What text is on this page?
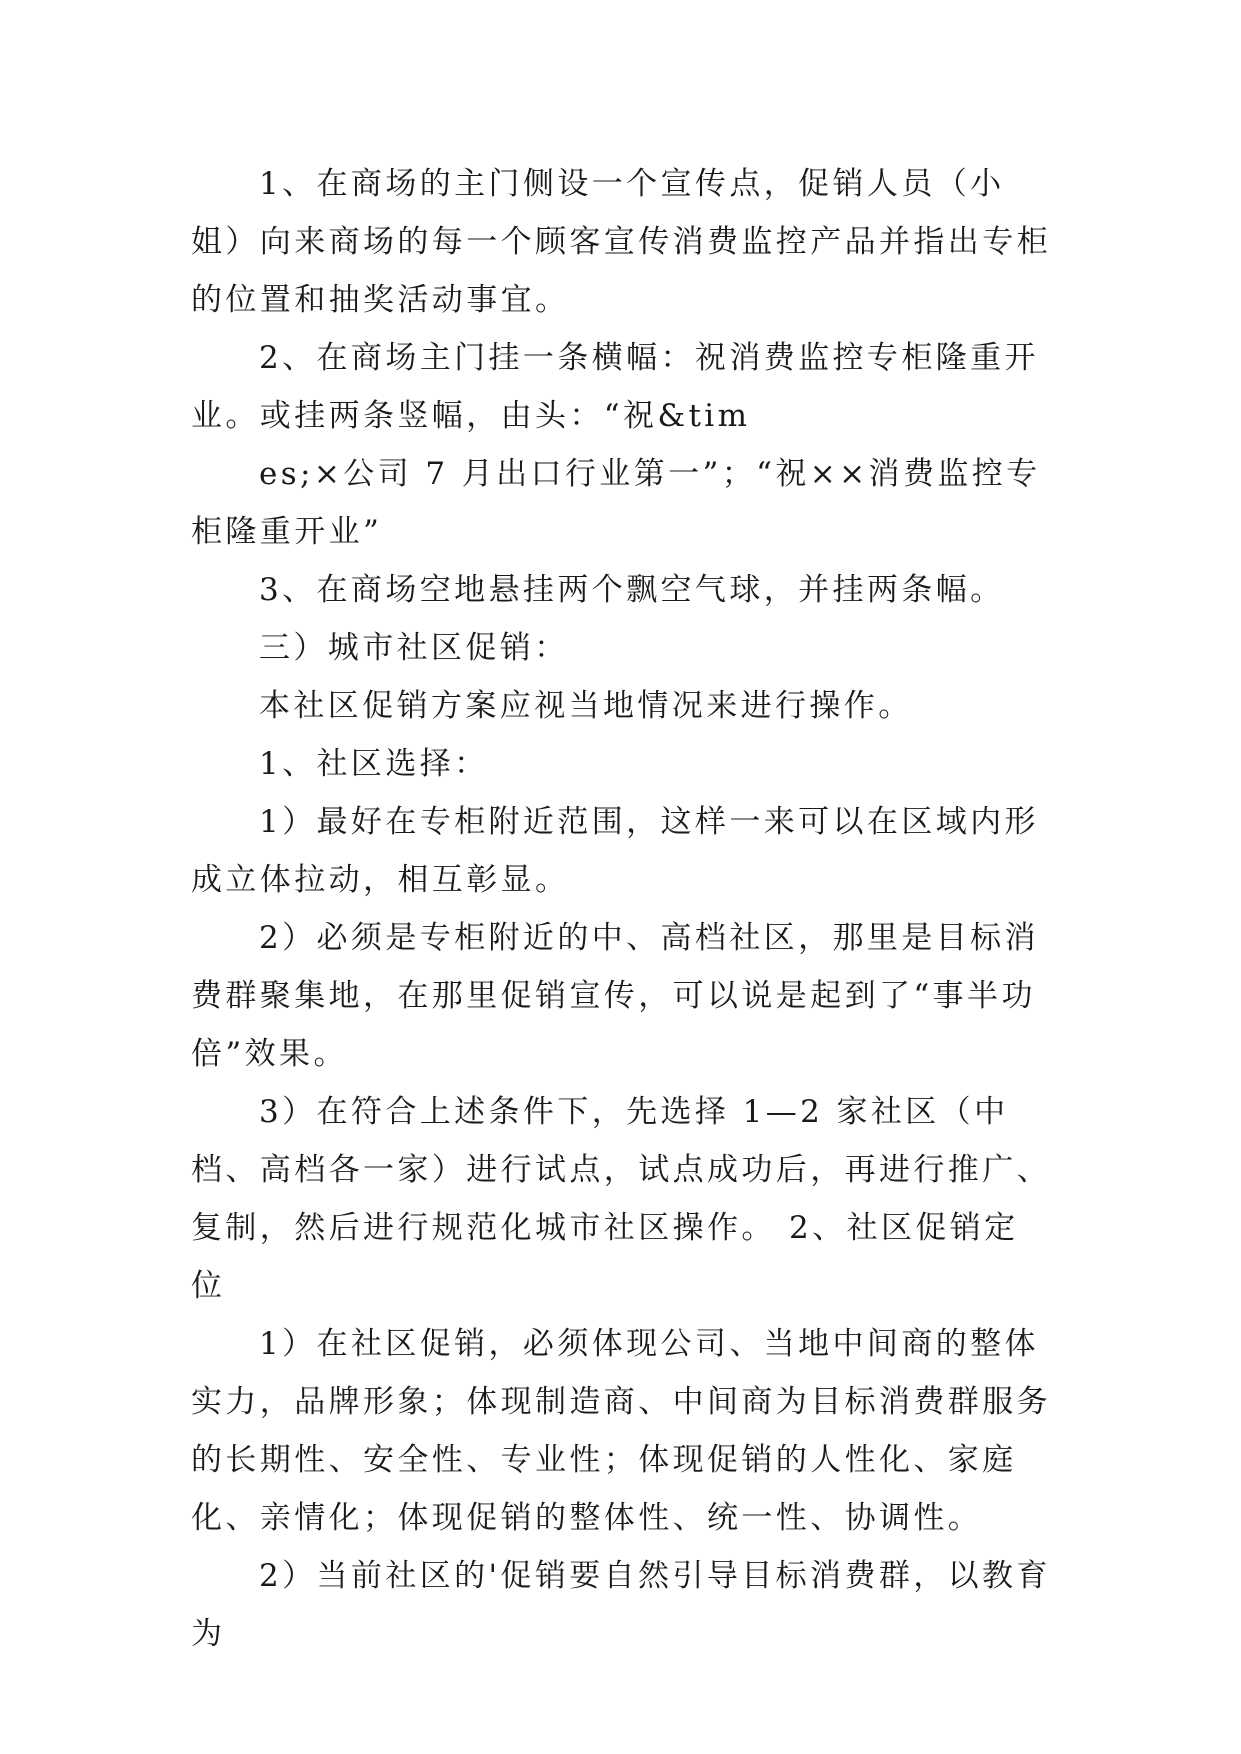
1、在商场的主门侧设一个宣传点，促销人员（小姐）向来商场的每一个顾客宣传消费监控产品并指出专柜的位置和抽奖活动事宜。

2、在商场主门挂一条横幅：祝消费监控专柜隆重开业。或挂两条竖幅，由头：“祝&tim

es;×公司 7 月出口行业第一”；“祝××消费监控专柜隆重开业”

3、在商场空地悬挂两个飘空气球，并挂两条幅。

三）城市社区促销：

本社区促销方案应视当地情况来进行操作。

1、社区选择：

1）最好在专柜附近范围，这样一来可以在区域内形成立体拉动，相互彰显。

2）必须是专柜附近的中、高档社区，那里是目标消费群聚集地，在那里促销宣传，可以说是起到了“事半功倍”效果。

3）在符合上述条件下，先选择 1—2 家社区（中档、高档各一家）进行试点，试点成功后，再进行推广、复制，然后进行规范化城市社区操作。 2、社区促销定位

1）在社区促销，必须体现公司、当地中间商的整体实力，品牌形象；体现制造商、中间商为目标消费群服务的长期性、安全性、专业性；体现促销的人性化、家庭化、亲情化；体现促销的整体性、统一性、协调性。

2）当前社区的'促销要自然引导目标消费群，以教育为
